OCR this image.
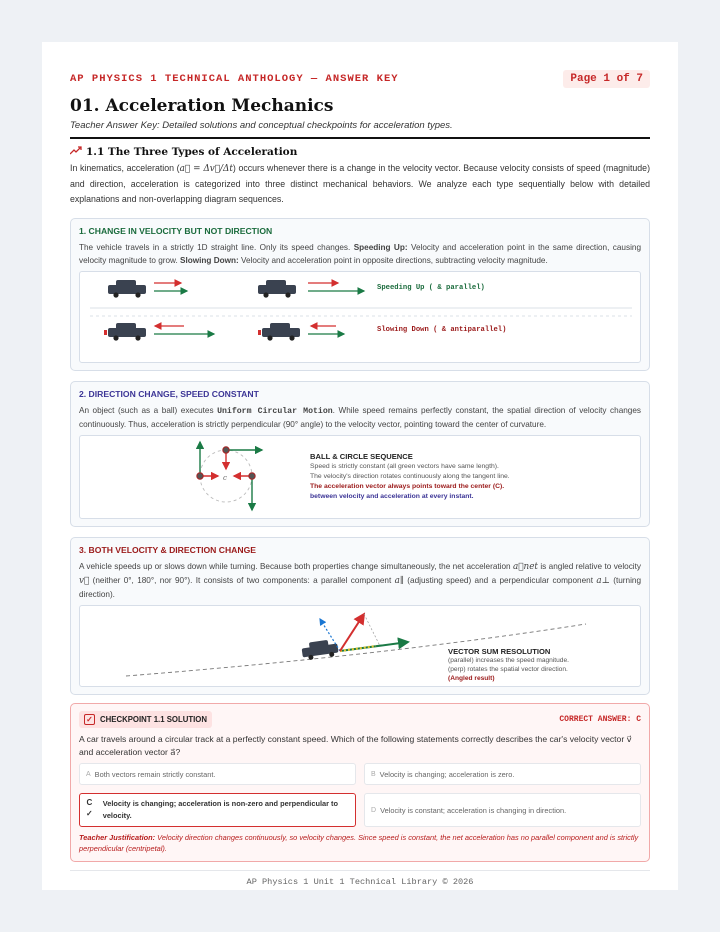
AP PHYSICS 1 TECHNICAL ANTHOLOGY — ANSWER KEY	Page 1 of 7
01. Acceleration Mechanics
Teacher Answer Key: Detailed solutions and conceptual checkpoints for acceleration types.
1.1 The Three Types of Acceleration

In kinematics, acceleration (a⃗ = Δv⃗/Δt) occurs whenever there is a change in the velocity vector. Because velocity consists of speed (magnitude) and direction, acceleration is categorized into three distinct mechanical behaviors. We analyze each type sequentially below with detailed explanations and non-overlapping diagram sequences.

1. CHANGE IN VELOCITY BUT NOT DIRECTION

The vehicle travels in a strictly 1D straight line. Only its speed changes. Speeding Up: Velocity and acceleration point in the same direction, causing velocity magnitude to grow. Slowing Down: Velocity and acceleration point in opposite directions, subtracting velocity magnitude.

Speeding Up ( & parallel)
Slowing Down ( & antiparallel)
2. DIRECTION CHANGE, SPEED CONSTANT

An object (such as a ball) executes Uniform Circular Motion. While speed remains perfectly constant, the spatial direction of velocity changes continuously. Thus, acceleration is strictly perpendicular (90° angle) to the velocity vector, pointing toward the center of curvature.

c
BALL & CIRCLE SEQUENCE
Speed is strictly constant (all green vectors have same length).
The velocity's direction rotates continuously along the tangent line.
The acceleration vector always points toward the center (C).
between velocity and acceleration at every instant.
3. BOTH VELOCITY & DIRECTION CHANGE

A vehicle speeds up or slows down while turning. Because both properties change simultaneously, the net acceleration a⃗net is angled relative to velocity v⃗ (neither 0°, 180°, nor 90°). It consists of two components: a parallel component a∥ (adjusting speed) and a perpendicular component a⊥ (turning direction).

VECTOR SUM RESOLUTION
(parallel) increases the speed magnitude.
(perp) rotates the spatial vector direction.
(Angled result)
✓ CHECKPOINT 1.1 SOLUTION	CORRECT ANSWER: C

A car travels around a circular track at a perfectly constant speed. Which of the following statements correctly describes the car's velocity vector v⃗ and acceleration vector a⃗?

A Both vectors remain strictly constant.	B Velocity is changing; acceleration is zero.
C
✓
Velocity is changing; acceleration is non-zero and perpendicular to velocity.
D Velocity is constant; acceleration is changing in direction.

Teacher Justification: Velocity direction changes continuously, so velocity changes. Since speed is constant, the net acceleration has no parallel component and is strictly perpendicular (centripetal).

AP Physics 1 Unit 1 Technical Library © 2026
